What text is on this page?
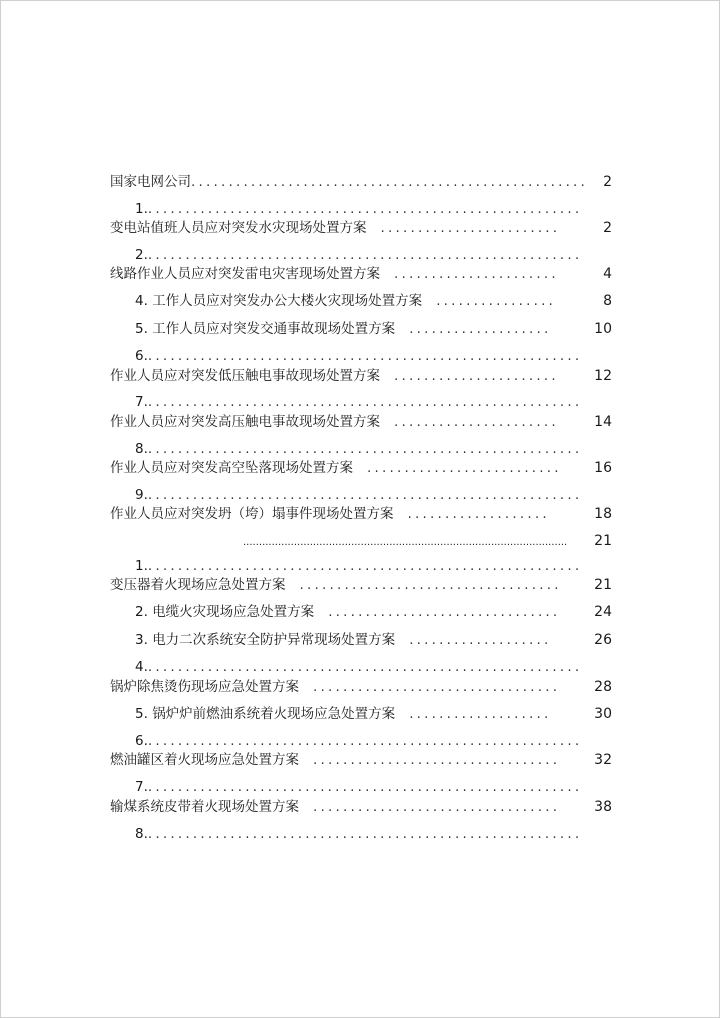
国家电网公司.....................................................	2
1...........................................................
变电站值班人员应对突发水灾现场处置方案 ........................	2
2...........................................................
线路作业人员应对突发雷电灾害现场处置方案 ......................	4
4. 工作人员应对突发办公大楼火灾现场处置方案 ................	8
5. 工作人员应对突发交通事故现场处置方案 ...................	10
6...........................................................
作业人员应对突发低压触电事故现场处置方案 ......................	12
7...........................................................
作业人员应对突发高压触电事故现场处置方案 ......................	14
8...........................................................
作业人员应对突发高空坠落现场处置方案 ..........................	16
9...........................................................
作业人员应对突发坍（垮）塌事件现场处置方案 ...................	18
......................................................................................................	21
1...........................................................
变压器着火现场应急处置方案 ...................................	21
2. 电缆火灾现场应急处置方案 ...............................	24
3. 电力二次系统安全防护异常现场处置方案 ...................	26
4...........................................................
锅炉除焦烫伤现场应急处置方案 .................................	28
5. 锅炉炉前燃油系统着火现场应急处置方案 ...................	30
6...........................................................
燃油罐区着火现场应急处置方案 .................................	32
7...........................................................
输煤系统皮带着火现场处置方案 .................................	38
8...........................................................
